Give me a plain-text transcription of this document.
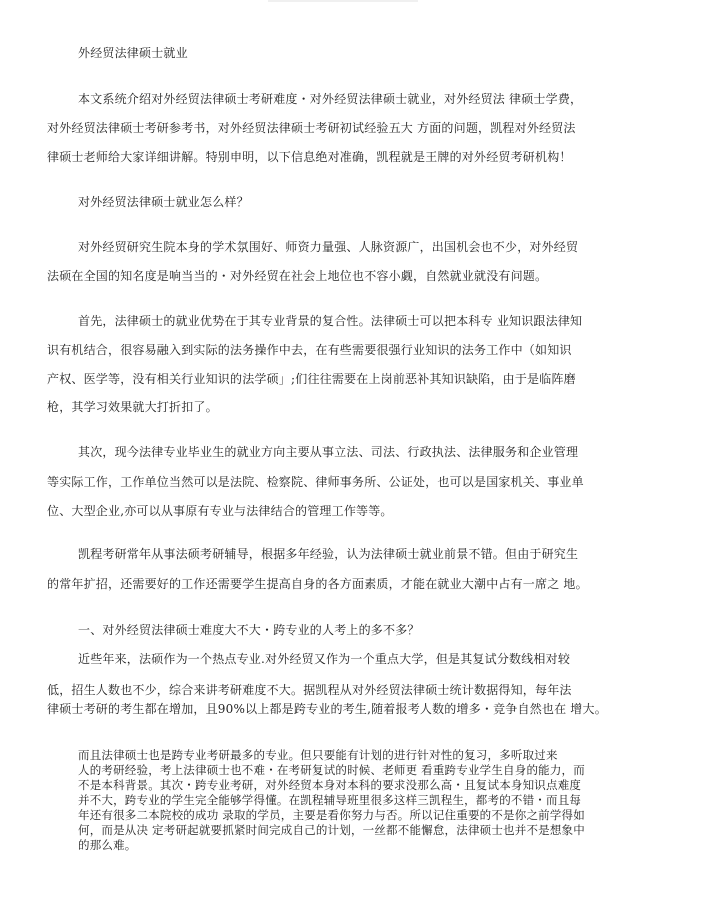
外经贸法律硕士就业
本文系统介绍对外经贸法律硕士考研难度・对外经贸法律硕士就业，对外经贸法 律硕士学费，
对外经贸法律硕士考研参考书，对外经贸法律硕士考研初试经验五大 方面的问题，凯程对外经贸法
律硕士老师给大家详细讲解。特别申明，以下信息绝对准确，凯程就是王牌的对外经贸考研机构！
对外经贸法律硕士就业怎么样？
对外经贸研究生院本身的学术氛围好、师资力量强、人脉资源广，出国机会也不少，对外经贸
法硕在全国的知名度是响当当的・对外经贸在社会上地位也不容小觑，自然就业就没有问题。
首先，法律硕士的就业优势在于其专业背景的复合性。法律硕士可以把本科专 业知识跟法律知
识有机结合，很容易融入到实际的法务操作中去，在有些需要很强行业知识的法务工作中（如知识
产权、医学等，没有相关行业知识的法学硕」;们往往需要在上岗前恶补其知识缺陷，由于是临阵磨
枪，其学习效果就大打折扣了。
其次，现今法律专业毕业生的就业方向主要从事立法、司法、行政执法、法律服务和企业管理
等实际工作，工作单位当然可以是法院、检察院、律师事务所、公证处，也可以是国家机关、事业单
位、大型企业,亦可以从事原有专业与法律结合的管理工作等等。
凯程考研常年从事法硕考研辅导，根据多年经验，认为法律硕士就业前景不错。但由于研究生
的常年扩招，还需要好的工作还需要学生提高自身的各方面素质，才能在就业大潮中占有一席之 地。
一、对外经贸法律硕士难度大不大・跨专业的人考上的多不多？
近些年来，法硕作为一个热点专业.对外经贸又作为一个重点大学，但是其复试分数线相对较
低，招生人数也不少，综合来讲考研难度不大。据凯程从对外经贸法律硕士统计数据得知，每年法
律硕士考研的考生都在增加，且90%以上都是跨专业的考生,随着报考人数的增多・竞争自然也在 增大。
而且法律硕士也是跨专业考研最多的专业。但只要能有计划的进行针对性的复习，多听取过来
人的考研经验，考上法律硕士也不难・在考研复试的时候、老师更 看重跨专业学生自身的能力，而
不是本科背景。其次・跨专业考研，对外经贸本身对本科的要求没那么高・且复试本身知识点难度
并不大，跨专业的学生完全能够学得懂。在凯程辅导班里很多这样三凯程生，都考的不错・而且每
年还有很多二本院校的成功 录取的学员，主要是看你努力与否。所以记住重要的不是你之前学得如
何，而是从决 定考研起就要抓紧时间完成自己的计划，一丝都不能懈怠，法律硕士也并不是想象中
的那么难。
